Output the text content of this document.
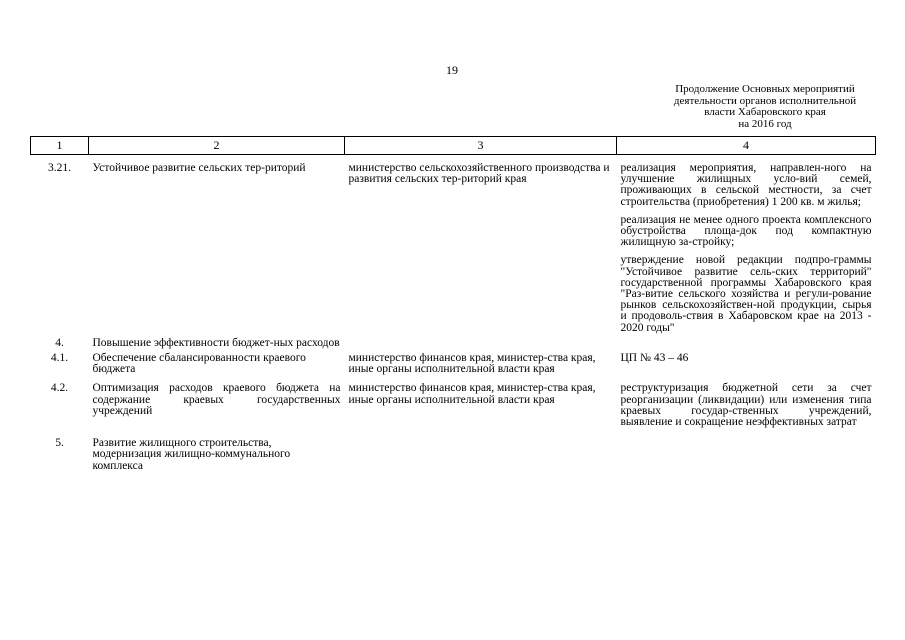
19
Продолжение Основных мероприятий
деятельности органов исполнительной
власти Хабаровского края
на 2016 год
1	2	3	4
3.21.	Устойчивое развитие сельских тер-риторий	министерство сельскохозяйственного производства и развития сельских тер-риторий края	реализация мероприятия, направлен-ного на улучшение жилищных усло-вий семей, проживающих в сельской местности, за счет строительства (приобретения) 1 200 кв. м жилья;
реализация не менее одного проекта комплексного обустройства площа-док под компактную жилищную за-стройку;
утверждение новой редакции подпро-граммы "Устойчивое развитие сель-ских территорий" государственной программы Хабаровского края "Раз-витие сельского хозяйства и регули-рование рынков сельскохозяйствен-ной продукции, сырья и продоволь-ствия в Хабаровском крае на 2013 - 2020 годы"

4.	Повышение эффективности бюджет-ных расходов		
4.1.	Обеспечение сбалансированности краевого бюджета	министерство финансов края, министер-ства края, иные органы исполнительной власти края	ЦП № 43 – 46

4.2.	Оптимизация расходов краевого бюджета на содержание краевых государственных учреждений	министерство финансов края, министер-ства края, иные органы исполнительной власти края	реструктуризация бюджетной сети за счет реорганизации (ликвидации) или изменения типа краевых государ-ственных учреждений, выявление и сокращение неэффективных затрат

5.	Развитие жилищного строительства, модернизация жилищно-коммунального комплекса		
